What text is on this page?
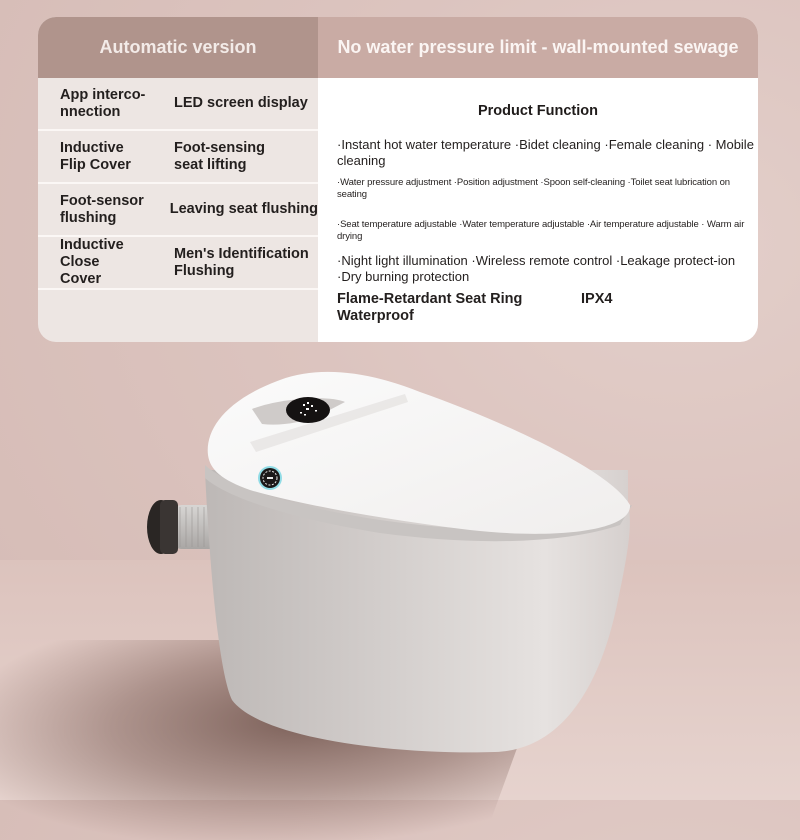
Automatic version
App interco-
nnection
LED screen display
Inductive Flip Cover
Foot-sensing seat lifting
Foot-sensor flushing
Leaving seat flushing
Inductive Close Cover
Men's Identification Flushing
No water pressure limit - wall-mounted sewage
Product Function
·Instant hot water temperature ·Bidet cleaning ·Female cleaning · Mobile cleaning
·Water pressure adjustment ·Position adjustment ·Spoon self-cleaning ·Toilet seat lubrication on seating
·Seat temperature adjustable ·Water temperature adjustable ·Air temperature adjustable · Warm air drying
·Night light illumination ·Wireless remote control ·Leakage protect-ion ·Dry burning protection
Flame-Retardant Seat Ring Waterproof
IPX4
